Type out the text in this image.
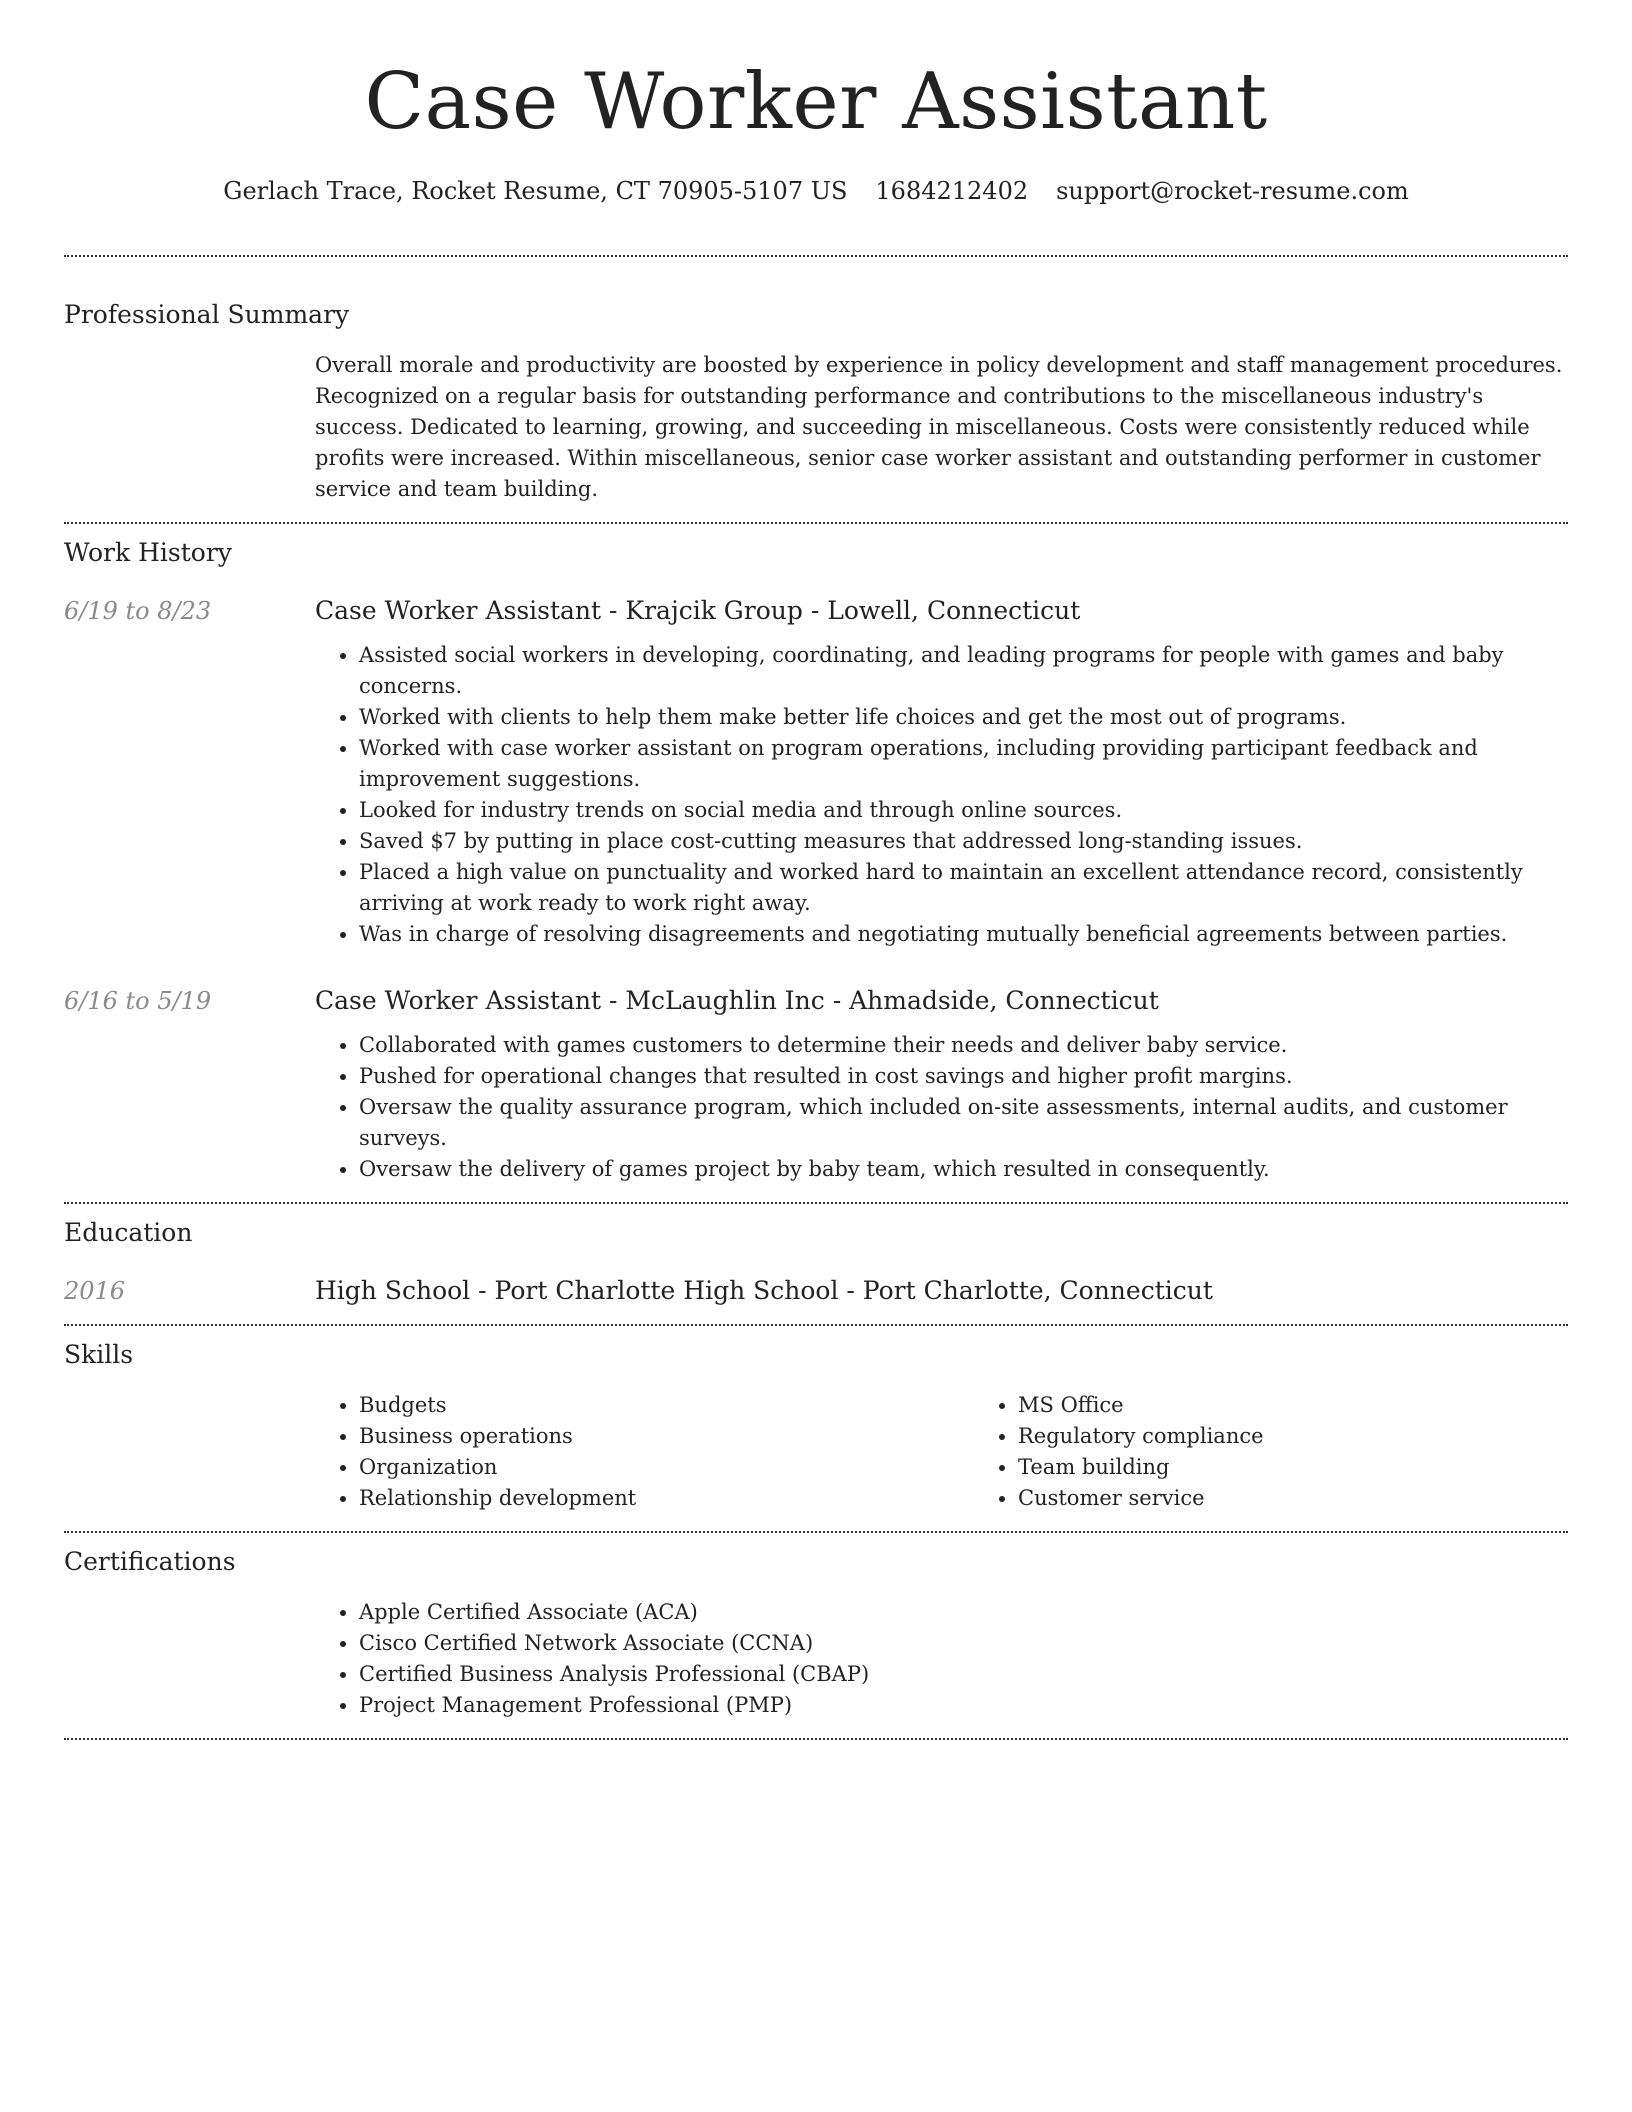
Case Worker Assistant
Gerlach Trace, Rocket Resume, CT 70905-5107 US 1684212402 support@rocket-resume.com
Professional Summary

Overall morale and productivity are boosted by experience in policy development and staff management procedures. Recognized on a regular basis for outstanding performance and contributions to the miscellaneous industry's success. Dedicated to learning, growing, and succeeding in miscellaneous. Costs were consistently reduced while profits were increased. Within miscellaneous, senior case worker assistant and outstanding performer in customer service and team building.

Work History
6/19 to 8/23	Case Worker Assistant - Krajcik Group - Lowell, Connecticut
• Assisted social workers in developing, coordinating, and leading programs for people with games and baby concerns.
• Worked with clients to help them make better life choices and get the most out of programs.
• Worked with case worker assistant on program operations, including providing participant feedback and improvement suggestions.
• Looked for industry trends on social media and through online sources.
• Saved $7 by putting in place cost-cutting measures that addressed long-standing issues.
• Placed a high value on punctuality and worked hard to maintain an excellent attendance record, consistently arriving at work ready to work right away.
• Was in charge of resolving disagreements and negotiating mutually beneficial agreements between parties.
6/16 to 5/19	Case Worker Assistant - McLaughlin Inc - Ahmadside, Connecticut
• Collaborated with games customers to determine their needs and deliver baby service.
• Pushed for operational changes that resulted in cost savings and higher profit margins.
• Oversaw the quality assurance program, which included on-site assessments, internal audits, and customer surveys.
• Oversaw the delivery of games project by baby team, which resulted in consequently.
Education
2016	High School - Port Charlotte High School - Port Charlotte, Connecticut
Skills
• Budgets
• Business operations
• Organization
• Relationship development
• MS Office
• Regulatory compliance
• Team building
• Customer service
Certifications
• Apple Certified Associate (ACA)
• Cisco Certified Network Associate (CCNA)
• Certified Business Analysis Professional (CBAP)
• Project Management Professional (PMP)
